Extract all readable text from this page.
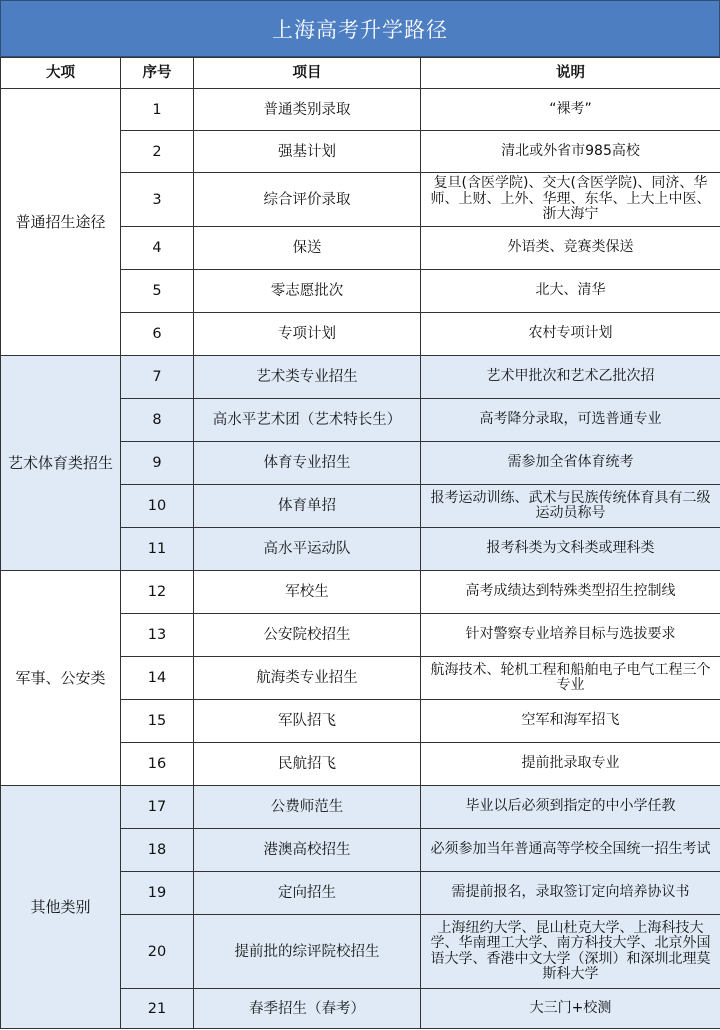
上海高考升学路径
大项	序号	项目	说明
普通招生途径	1	普通类别录取	“裸考”
	2	强基计划	清北或外省市985高校
	3	综合评价录取	复旦(含医学院)、交大(含医学院)、同济、华师、上财、上外、华理、东华、上大上中医、浙大海宁
	4	保送	外语类、竞赛类保送
	5	零志愿批次	北大、清华
	6	专项计划	农村专项计划
艺术体育类招生	7	艺术类专业招生	艺术甲批次和艺术乙批次招
	8	高水平艺术团（艺术特长生）	高考降分录取，可选普通专业
	9	体育专业招生	需参加全省体育统考
	10	体育单招	报考运动训练、武术与民族传统体育具有二级运动员称号
	11	高水平运动队	报考科类为文科类或理科类
军事、公安类	12	军校生	高考成绩达到特殊类型招生控制线
	13	公安院校招生	针对警察专业培养目标与选拔要求
	14	航海类专业招生	航海技术、轮机工程和船舶电子电气工程三个专业
	15	军队招飞	空军和海军招飞
	16	民航招飞	提前批录取专业
其他类别	17	公费师范生	毕业以后必须到指定的中小学任教
	18	港澳高校招生	必须参加当年普通高等学校全国统一招生考试
	19	定向招生	需提前报名，录取签订定向培养协议书
	20	提前批的综评院校招生	上海纽约大学、昆山杜克大学、上海科技大学、华南理工大学、南方科技大学、北京外国语大学、香港中文大学（深圳）和深圳北理莫斯科大学
	21	春季招生（春考）	大三门+校测
